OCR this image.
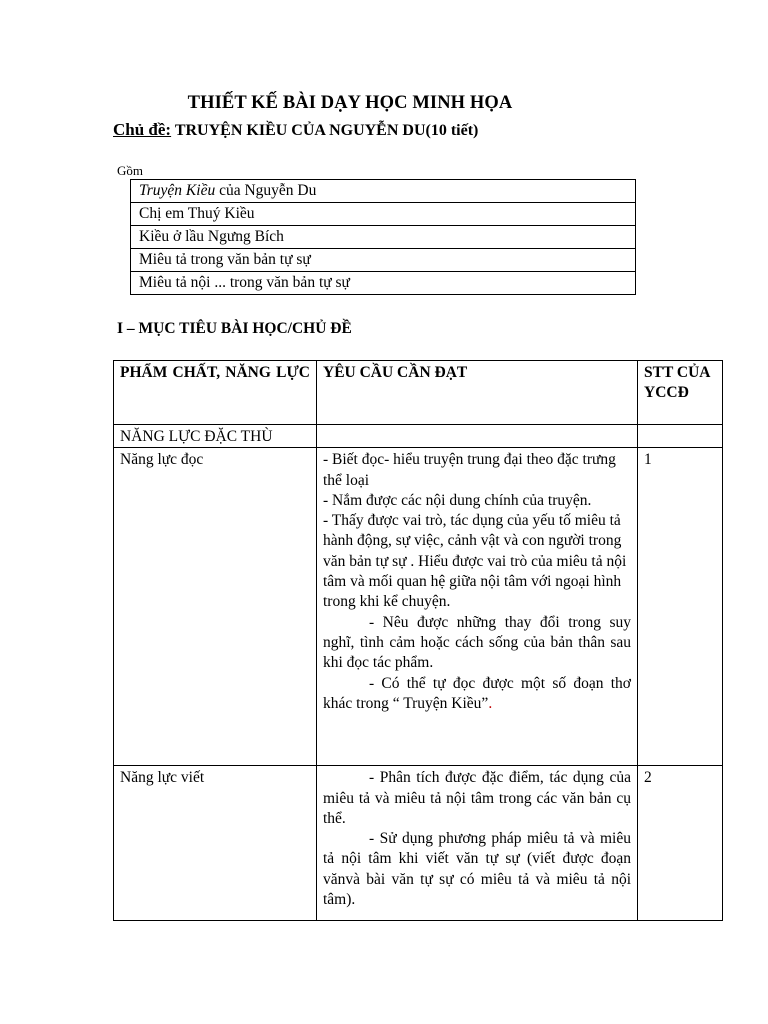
THIẾT KẾ BÀI DẠY HỌC MINH HỌA
Chủ đề: TRUYỆN KIỀU CỦA NGUYỄN DU(10 tiết)
Gồm
Truyện Kiều của Nguyễn Du
Chị em Thuý Kiều
Kiều ở lầu Ngưng Bích
Miêu tả trong văn bản tự sự
Miêu tả nội ... trong văn bản tự sự
I – MỤC TIÊU BÀI HỌC/CHỦ ĐỀ
PHẨM CHẤT, NĂNG LỰC	YÊU CẦU CẦN ĐẠT	STT CỦA YCCĐ
NĂNG LỰC ĐẶC THÙ		
Năng lực đọc	- Biết đọc- hiểu truyện trung đại theo đặc trưng thể loại

- Nắm được các nội dung chính của truyện.

- Thấy được vai trò, tác dụng của yếu tố miêu tả hành động, sự việc, cảnh vật và con người trong văn bản tự sự . Hiểu được vai trò của miêu tả nội tâm và mối quan hệ giữa nội tâm với ngoại hình trong khi kể chuyện.

- Nêu được những thay đổi trong suy nghĩ, tình cảm hoặc cách sống của bản thân sau khi đọc tác phẩm.

- Có thể tự đọc được một số đoạn thơ khác trong “ Truyện Kiều”.	1
Năng lực viết	- Phân tích được đặc điểm, tác dụng của miêu tả và miêu tả nội tâm trong các văn bản cụ thể.

- Sử dụng phương pháp miêu tả và miêu tả nội tâm khi viết văn tự sự (viết được đoạn vănvà bài văn tự sự có miêu tả và miêu tả nội tâm).	2
